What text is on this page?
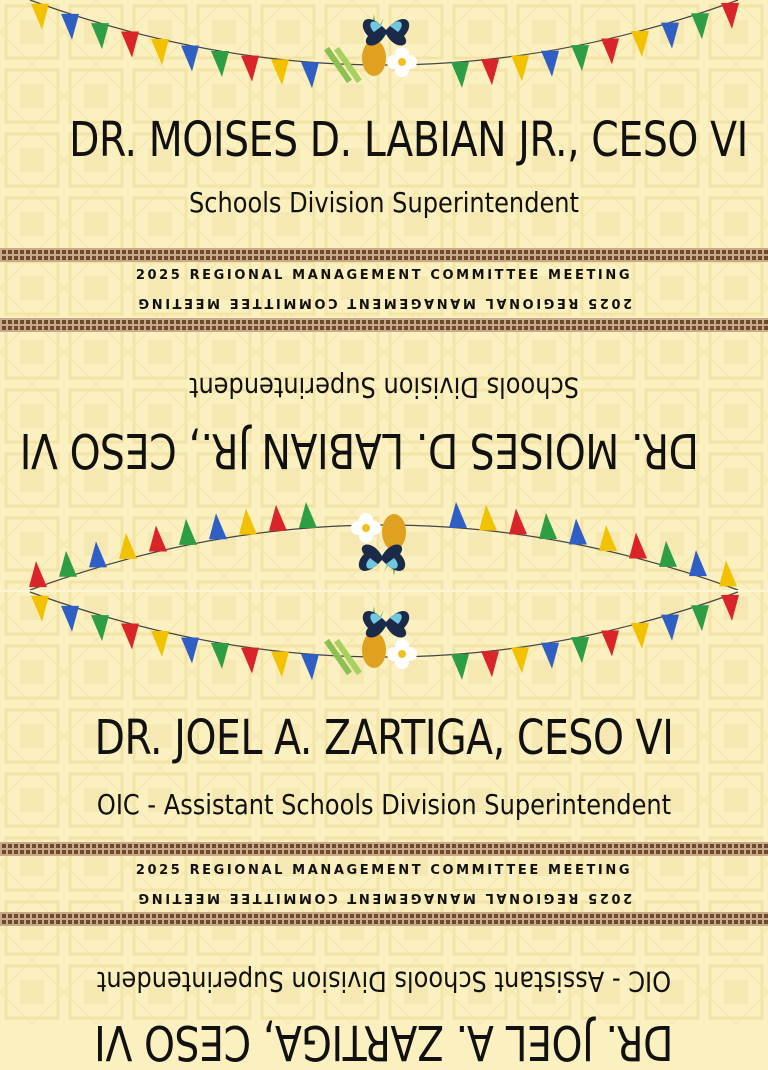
DR. MOISES D. LABIAN JR., CESO VI
Schools Division Superintendent
2025 REGIONAL MANAGEMENT COMMITTEE MEETING
2025 REGIONAL MANAGEMENT COMMITTEE MEETING
DR. MOISES D. LABIAN JR., CESO VI
Schools Division Superintendent
DR. JOEL A. ZARTIGA, CESO VI
OIC - Assistant Schools Division Superintendent
2025 REGIONAL MANAGEMENT COMMITTEE MEETING
2025 REGIONAL MANAGEMENT COMMITTEE MEETING
OIC - Assistant Schools Division Superintendent
DR. JOEL A. ZARTIGA, CESO VI
